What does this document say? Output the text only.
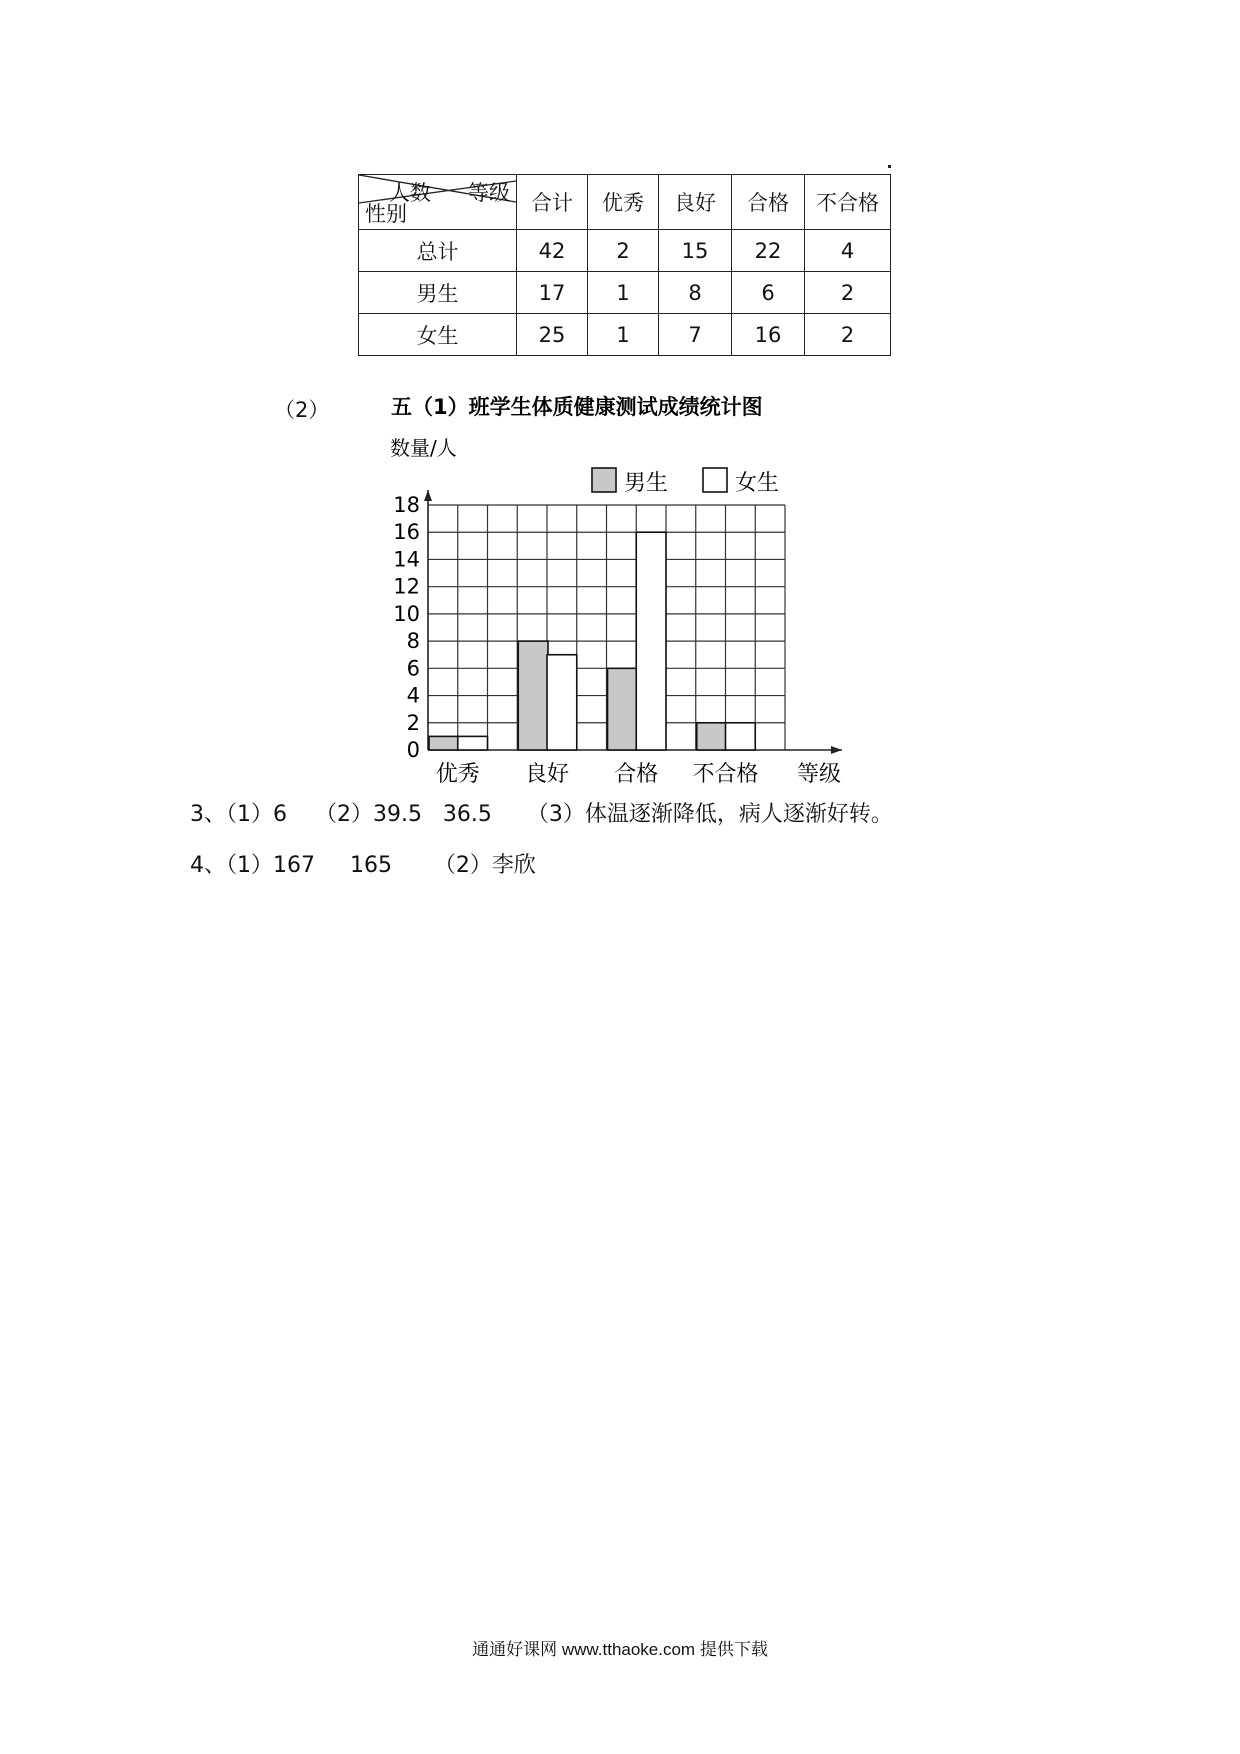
人数 等级
性别	合计	优秀	良好	合格	不合格
总计	42	2	15	22	4
男生	17	1	8	6	2
女生	25	1	7	16	2
（2）	五（1）班学生体质健康测试成绩统计图
数量/人
等级
0
2
4
6
8
10
12
14
16
18
优秀 良好 合格 不合格
男生	女生
3、（1）6    （2）39.5   36.5     （3）体温逐渐降低，病人逐渐好转。
4、（1）167     165      （2）李欣
通通好课网 www.tthaoke.com 提供下载
